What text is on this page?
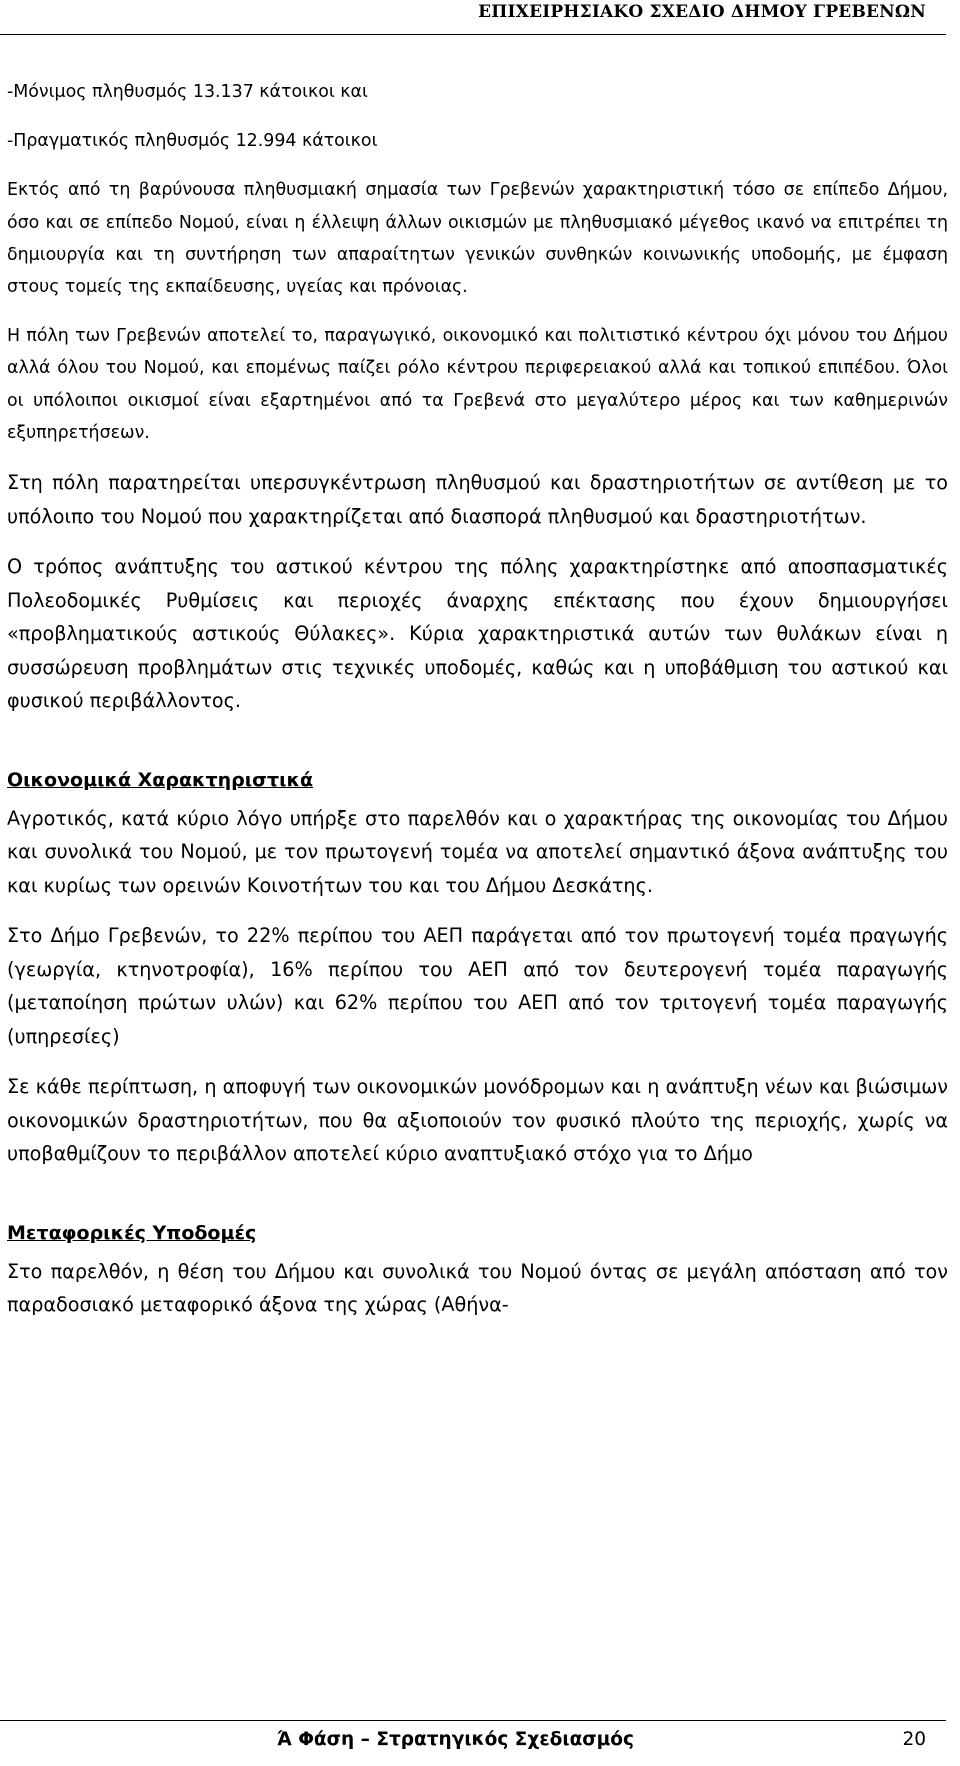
ΕΠΙΧΕΙΡΗΣΙΑΚΟ ΣΧΕΔΙΟ ΔΗΜΟΥ ΓΡΕΒΕΝΩΝ

-Μόνιμος πληθυσμός 13.137 κάτοικοι και

-Πραγματικός πληθυσμός 12.994 κάτοικοι

Εκτός από τη βαρύνουσα πληθυσμιακή σημασία των Γρεβενών χαρακτηριστική τόσο σε επίπεδο Δήμου, όσο και σε επίπεδο Νομού, είναι η έλλειψη άλλων οικισμών με πληθυσμιακό μέγεθος ικανό να επιτρέπει τη δημιουργία και τη συντήρηση των απαραίτητων γενικών συνθηκών κοινωνικής υποδομής, με έμφαση στους τομείς της εκπαίδευσης, υγείας και πρόνοιας.

Η πόλη των Γρεβενών αποτελεί το, παραγωγικό, οικονομικό και πολιτιστικό κέντρου όχι μόνου του Δήμου αλλά όλου του Νομού, και επομένως παίζει ρόλο κέντρου περιφερειακού αλλά και τοπικού επιπέδου. Όλοι οι υπόλοιποι οικισμοί είναι εξαρτημένοι από τα Γρεβενά στο μεγαλύτερο μέρος και των καθημερινών εξυπηρετήσεων.

Στη πόλη παρατηρείται υπερσυγκέντρωση πληθυσμού και δραστηριοτήτων σε αντίθεση με το υπόλοιπο του Νομού που χαρακτηρίζεται από διασπορά πληθυσμού και δραστηριοτήτων.

Ο τρόπος ανάπτυξης του αστικού κέντρου της πόλης χαρακτηρίστηκε από αποσπασματικές Πολεοδομικές Ρυθμίσεις και περιοχές άναρχης επέκτασης που έχουν δημιουργήσει «προβληματικούς αστικούς Θύλακες». Κύρια χαρακτηριστικά αυτών των θυλάκων είναι η συσσώρευση προβλημάτων στις τεχνικές υποδομές, καθώς και η υποβάθμιση του αστικού και φυσικού περιβάλλοντος.

Οικονομικά Χαρακτηριστικά

Αγροτικός, κατά κύριο λόγο υπήρξε στο παρελθόν και ο χαρακτήρας της οικονομίας του Δήμου και συνολικά του Νομού, με τον πρωτογενή τομέα να αποτελεί σημαντικό άξονα ανάπτυξης του και κυρίως των ορεινών Κοινοτήτων του και του Δήμου Δεσκάτης.

Στο Δήμο Γρεβενών, το 22% περίπου του ΑΕΠ παράγεται από τον πρωτογενή τομέα πραγωγής (γεωργία, κτηνοτροφία), 16% περίπου του ΑΕΠ από τον δευτερογενή τομέα παραγωγής (μεταποίηση πρώτων υλών) και 62% περίπου του ΑΕΠ από τον τριτογενή τομέα παραγωγής (υπηρεσίες)

Σε κάθε περίπτωση, η αποφυγή των οικονομικών μονόδρομων και η ανάπτυξη νέων και βιώσιμων οικονομικών δραστηριοτήτων, που θα αξιοποιούν τον φυσικό πλούτο της περιοχής, χωρίς να υποβαθμίζουν το περιβάλλον αποτελεί κύριο αναπτυξιακό στόχο για το Δήμο

Μεταφορικές Υποδομές

Στο παρελθόν, η θέση του Δήμου και συνολικά του Νομού όντας σε μεγάλη απόσταση από τον παραδοσιακό μεταφορικό άξονα της χώρας (Αθήνα-

Ά Φάση – Στρατηγικός Σχεδιασμός	20
